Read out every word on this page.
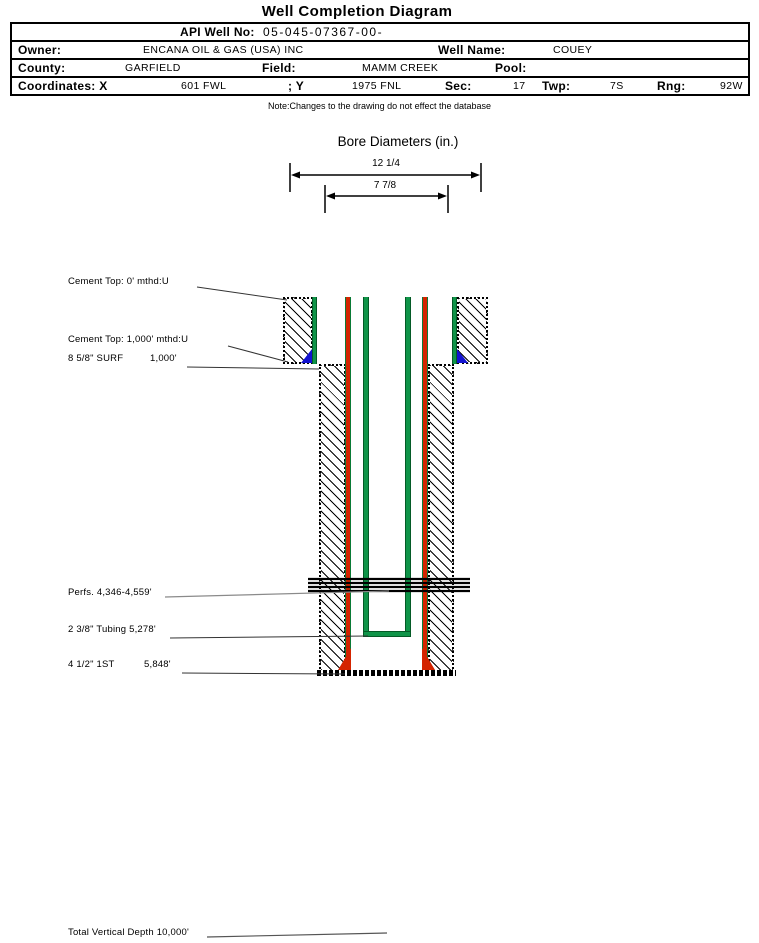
Well Completion Diagram
API Well No: 05-045-07367-00-
Owner:	ENCANA OIL & GAS (USA) INC	Well Name:	COUEY
County:	GARFIELD	Field:	MAMM CREEK	Pool:
Coordinates: X	601 FWL	; Y	1975 FNL	Sec:	17 Twp:	7S	Rng:	92W
Note:Changes to the drawing do not effect the database
Bore Diameters (in.)
12 1/4
7 7/8
Cement Top: 0' mthd:U
Cement Top: 1,000' mthd:U
8 5/8" SURF	1,000'
Perfs. 4,346-4,559'
2 3/8" Tubing 5,278'
4 1/2" 1ST	5,848'
Total Vertical Depth 10,000'
